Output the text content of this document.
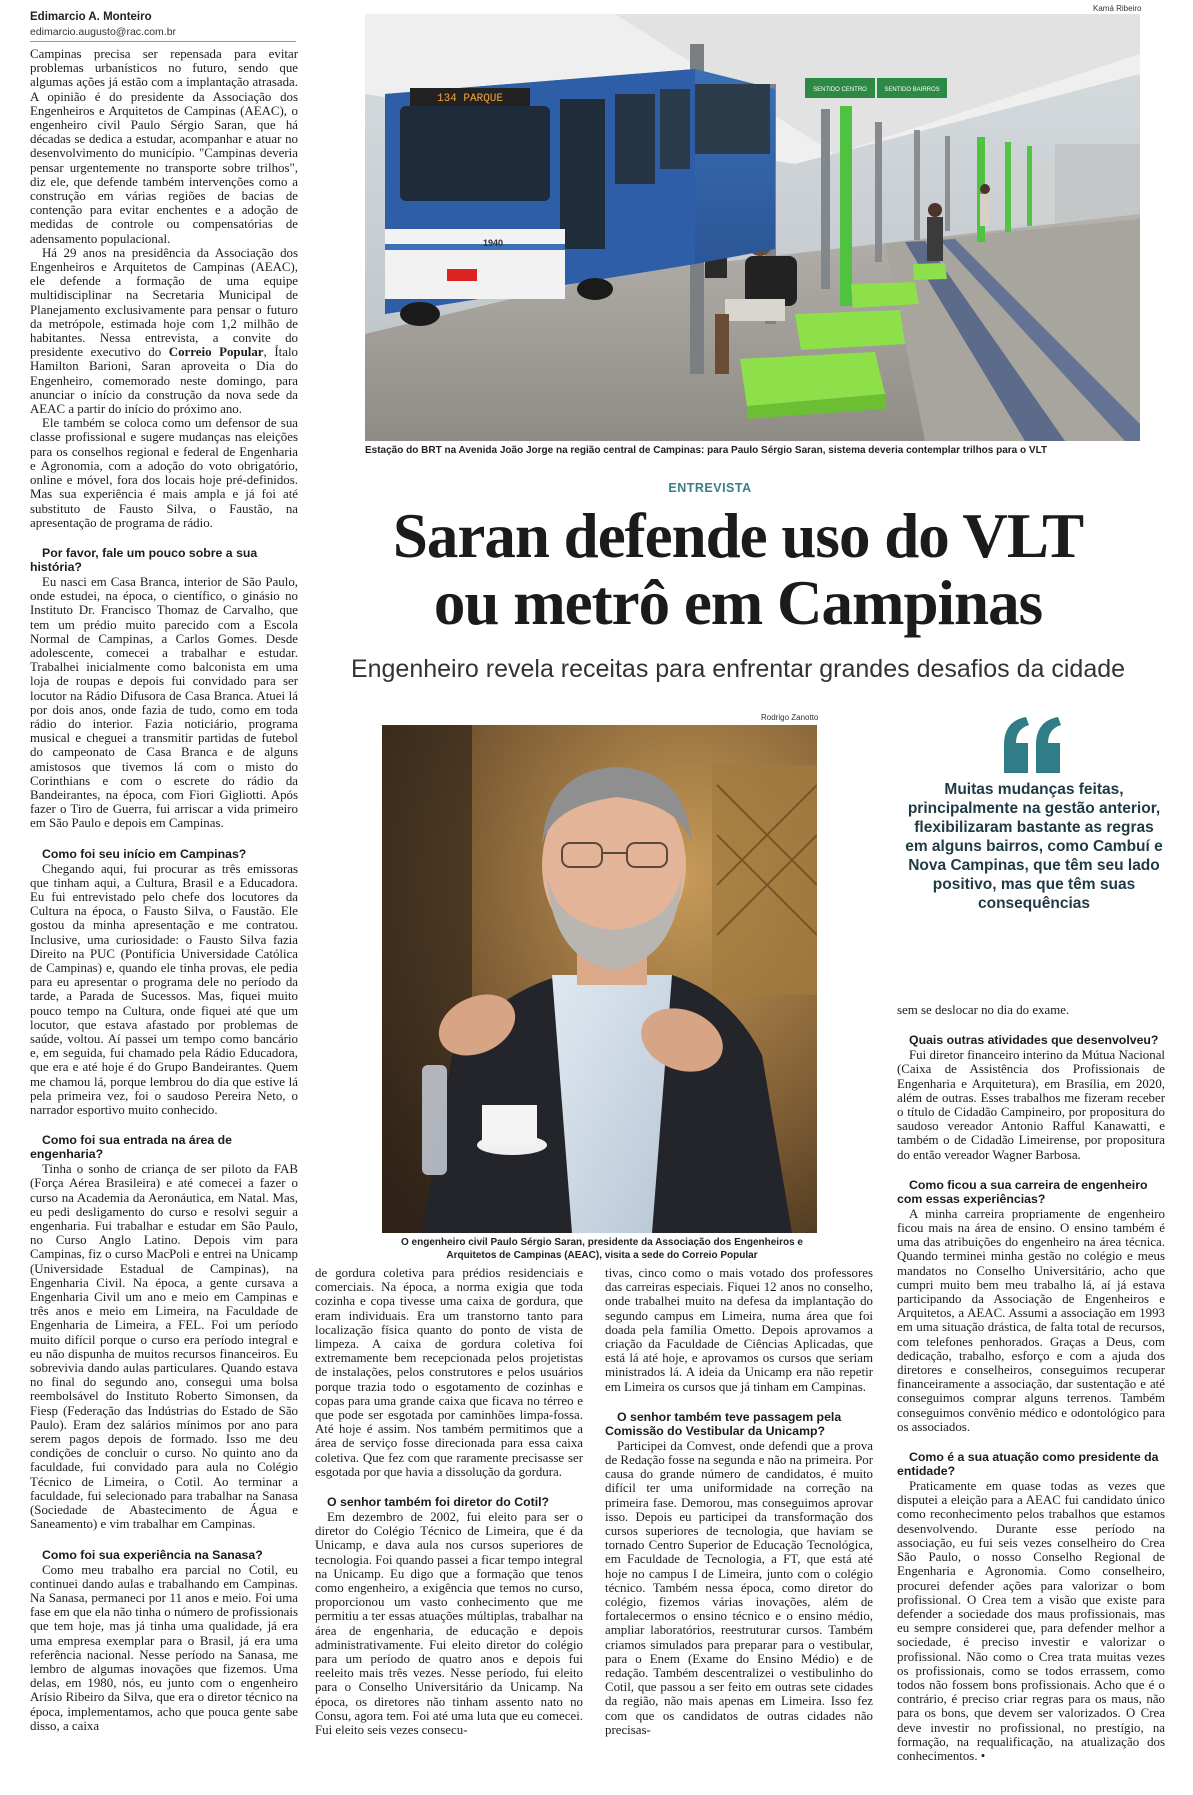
Edimarcio A. Monteiro
edimarcio.augusto@rac.com.br
Kamá Ribeiro
SENTIDO CENTRO	SENTIDO BAIRROS
134 PARQUE
1940
Estação do BRT na Avenida João Jorge na região central de Campinas: para Paulo Sérgio Saran, sistema deveria contemplar trilhos para o VLT
ENTREVISTA
Saran defende uso do VLT
ou metrô em Campinas
Engenheiro revela receitas para enfrentar grandes desafios da cidade
Rodrigo Zanotto
O engenheiro civil Paulo Sérgio Saran, presidente da Associação dos Engenheiros e Arquitetos de Campinas (AEAC), visita a sede do Correio Popular
Muitas mudanças feitas, principalmente na gestão anterior, flexibilizaram bastante as regras em alguns bairros, como Cambuí e Nova Campinas, que têm seu lado positivo, mas que têm suas consequências

Campinas precisa ser repensada para evitar problemas urbanísticos no futuro, sendo que algumas ações já estão com a implantação atrasada. A opinião é do presidente da Associação dos Engenheiros e Arquitetos de Campinas (AEAC), o engenheiro civil Paulo Sérgio Saran, que há décadas se dedica a estudar, acompanhar e atuar no desenvolvimento do município. "Campinas deveria pensar urgentemente no transporte sobre trilhos", diz ele, que defende também intervenções como a construção em várias regiões de bacias de contenção para evitar enchentes e a adoção de medidas de controle ou compensatórias de adensamento populacional.

Há 29 anos na presidência da Associação dos Engenheiros e Arquitetos de Campinas (AEAC), ele defende a formação de uma equipe multidisciplinar na Secretaria Municipal de Planejamento exclusivamente para pensar o futuro da metrópole, estimada hoje com 1,2 milhão de habitantes. Nessa entrevista, a convite do presidente executivo do Correio Popular, Ítalo Hamilton Barioni, Saran aproveita o Dia do Engenheiro, comemorado neste domingo, para anunciar o início da construção da nova sede da AEAC a partir do início do próximo ano.

Ele também se coloca como um defensor de sua classe profissional e sugere mudanças nas eleições para os conselhos regional e federal de Engenharia e Agronomia, com a adoção do voto obrigatório, online e móvel, fora dos locais hoje pré-definidos. Mas sua experiência é mais ampla e já foi até substituto de Fausto Silva, o Faustão, na apresentação de programa de rádio.

Por favor, fale um pouco sobre a sua história?

Eu nasci em Casa Branca, interior de São Paulo, onde estudei, na época, o científico, o ginásio no Instituto Dr. Francisco Thomaz de Carvalho, que tem um prédio muito parecido com a Escola Normal de Campinas, a Carlos Gomes. Desde adolescente, comecei a trabalhar e estudar. Trabalhei inicialmente como balconista em uma loja de roupas e depois fui convidado para ser locutor na Rádio Difusora de Casa Branca. Atuei lá por dois anos, onde fazia de tudo, como em toda rádio do interior. Fazia noticiário, programa musical e cheguei a transmitir partidas de futebol do campeonato de Casa Branca e de alguns amistosos que tivemos lá com o misto do Corinthians e com o escrete do rádio da Bandeirantes, na época, com Fiori Gigliotti. Após fazer o Tiro de Guerra, fui arriscar a vida primeiro em São Paulo e depois em Campinas.

Como foi seu início em Campinas?

Chegando aqui, fui procurar as três emissoras que tinham aqui, a Cultura, Brasil e a Educadora. Eu fui entrevistado pelo chefe dos locutores da Cultura na época, o Fausto Silva, o Faustão. Ele gostou da minha apresentação e me contratou. Inclusive, uma curiosidade: o Fausto Silva fazia Direito na PUC (Pontifícia Universidade Católica de Campinas) e, quando ele tinha provas, ele pedia para eu apresentar o programa dele no período da tarde, a Parada de Sucessos. Mas, fiquei muito pouco tempo na Cultura, onde fiquei até que um locutor, que estava afastado por problemas de saúde, voltou. Aí passei um tempo como bancário e, em seguida, fui chamado pela Rádio Educadora, que era e até hoje é do Grupo Bandeirantes. Quem me chamou lá, porque lembrou do dia que estive lá pela primeira vez, foi o saudoso Pereira Neto, o narrador esportivo muito conhecido.

Como foi sua entrada na área de engenharia?

Tinha o sonho de criança de ser piloto da FAB (Força Aérea Brasileira) e até comecei a fazer o curso na Academia da Aeronáutica, em Natal. Mas, eu pedi desligamento do curso e resolvi seguir a engenharia. Fui trabalhar e estudar em São Paulo, no Curso Anglo Latino. Depois vim para Campinas, fiz o curso MacPoli e entrei na Unicamp (Universidade Estadual de Campinas), na Engenharia Civil. Na época, a gente cursava a Engenharia Civil um ano e meio em Campinas e três anos e meio em Limeira, na Faculdade de Engenharia de Limeira, a FEL. Foi um período muito difícil porque o curso era período integral e eu não dispunha de muitos recursos financeiros. Eu sobrevivia dando aulas particulares. Quando estava no final do segundo ano, consegui uma bolsa reembolsável do Instituto Roberto Simonsen, da Fiesp (Federação das Indústrias do Estado de São Paulo). Eram dez salários mínimos por ano para serem pagos depois de formado. Isso me deu condições de concluir o curso. No quinto ano da faculdade, fui convidado para aula no Colégio Técnico de Limeira, o Cotil. Ao terminar a faculdade, fui selecionado para trabalhar na Sanasa (Sociedade de Abastecimento de Água e Saneamento) e vim trabalhar em Campinas.

Como foi sua experiência na Sanasa?

Como meu trabalho era parcial no Cotil, eu continuei dando aulas e trabalhando em Campinas. Na Sanasa, permaneci por 11 anos e meio. Foi uma fase em que ela não tinha o número de profissionais que tem hoje, mas já tinha uma qualidade, já era uma empresa exemplar para o Brasil, já era uma referência nacional. Nesse período na Sanasa, me lembro de algumas inovações que fizemos. Uma delas, em 1980, nós, eu junto com o engenheiro Arísio Ribeiro da Silva, que era o diretor técnico na época, implementamos, acho que pouca gente sabe disso, a caixa

de gordura coletiva para prédios residenciais e comerciais. Na época, a norma exigia que toda cozinha e copa tivesse uma caixa de gordura, que eram individuais. Era um transtorno tanto para localização física quanto do ponto de vista de limpeza. A caixa de gordura coletiva foi extremamente bem recepcionada pelos projetistas de instalações, pelos construtores e pelos usuários porque trazia todo o esgotamento de cozinhas e copas para uma grande caixa que ficava no térreo e que pode ser esgotada por caminhões limpa-fossa. Até hoje é assim. Nos também permitimos que a área de serviço fosse direcionada para essa caixa coletiva. Que fez com que raramente precisasse ser esgotada por que havia a dissolução da gordura.

O senhor também foi diretor do Cotil?

Em dezembro de 2002, fui eleito para ser o diretor do Colégio Técnico de Limeira, que é da Unicamp, e dava aula nos cursos superiores de tecnologia. Foi quando passei a ficar tempo integral na Unicamp. Eu digo que a formação que tenos como engenheiro, a exigência que temos no curso, proporcionou um vasto conhecimento que me permitiu a ter essas atuações múltiplas, trabalhar na área de engenharia, de educação e depois administrativamente. Fui eleito diretor do colégio para um período de quatro anos e depois fui reeleito mais três vezes. Nesse período, fui eleito para o Conselho Universitário da Unicamp. Na época, os diretores não tinham assento nato no Consu, agora tem. Foi até uma luta que eu comecei. Fui eleito seis vezes consecu-

tivas, cinco como o mais votado dos professores das carreiras especiais. Fiquei 12 anos no conselho, onde trabalhei muito na defesa da implantação do segundo campus em Limeira, numa área que foi doada pela família Ometto. Depois aprovamos a criação da Faculdade de Ciências Aplicadas, que está lá até hoje, e aprovamos os cursos que seriam ministrados lá. A ideia da Unicamp era não repetir em Limeira os cursos que já tinham em Campinas.

O senhor também teve passagem pela Comissão do Vestibular da Unicamp?

Participei da Comvest, onde defendi que a prova de Redação fosse na segunda e não na primeira. Por causa do grande número de candidatos, é muito difícil ter uma uniformidade na correção na primeira fase. Demorou, mas conseguimos aprovar isso. Depois eu participei da transformação dos cursos superiores de tecnologia, que haviam se tornado Centro Superior de Educação Tecnológica, em Faculdade de Tecnologia, a FT, que está até hoje no campus I de Limeira, junto com o colégio técnico. Também nessa época, como diretor do colégio, fizemos várias inovações, além de fortalecermos o ensino técnico e o ensino médio, ampliar laboratórios, reestruturar cursos. Também criamos simulados para preparar para o vestibular, para o Enem (Exame do Ensino Médio) e de redação. Também descentralizei o vestibulinho do Cotil, que passou a ser feito em outras sete cidades da região, não mais apenas em Limeira. Isso fez com que os candidatos de outras cidades não precisas-

sem se deslocar no dia do exame.

Quais outras atividades que desenvolveu?

Fui diretor financeiro interino da Mútua Nacional (Caixa de Assistência dos Profissionais de Engenharia e Arquitetura), em Brasília, em 2020, além de outras. Esses trabalhos me fizeram receber o título de Cidadão Campineiro, por propositura do saudoso vereador Antonio Rafful Kanawatti, e também o de Cidadão Limeirense, por propositura do então vereador Wagner Barbosa.

Como ficou a sua carreira de engenheiro com essas experiências?

A minha carreira propriamente de engenheiro ficou mais na área de ensino. O ensino também é uma das atribuições do engenheiro na área técnica. Quando terminei minha gestão no colégio e meus mandatos no Conselho Universitário, acho que cumpri muito bem meu trabalho lá, aí já estava participando da Associação de Engenheiros e Arquitetos, a AEAC. Assumi a associação em 1993 em uma situação drástica, de falta total de recursos, com telefones penhorados. Graças a Deus, com dedicação, trabalho, esforço e com a ajuda dos diretores e conselheiros, conseguimos recuperar financeiramente a associação, dar sustentação e até conseguimos comprar alguns terrenos. Também conseguimos convênio médico e odontológico para os associados.

Como é a sua atuação como presidente da entidade?

Praticamente em quase todas as vezes que disputei a eleição para a AEAC fui candidato único como reconhecimento pelos trabalhos que estamos desenvolvendo. Durante esse período na associação, eu fui seis vezes conselheiro do Crea São Paulo, o nosso Conselho Regional de Engenharia e Agronomia. Como conselheiro, procurei defender ações para valorizar o bom profissional. O Crea tem a visão que existe para defender a sociedade dos maus profissionais, mas eu sempre considerei que, para defender melhor a sociedade, é preciso investir e valorizar o profissional. Não como o Crea trata muitas vezes os profissionais, como se todos errassem, como todos não fossem bons profissionais. Acho que é o contrário, é preciso criar regras para os maus, não para os bons, que devem ser valorizados. O Crea deve investir no profissional, no prestígio, na formação, na requalificação, na atualização dos conhecimentos. •
